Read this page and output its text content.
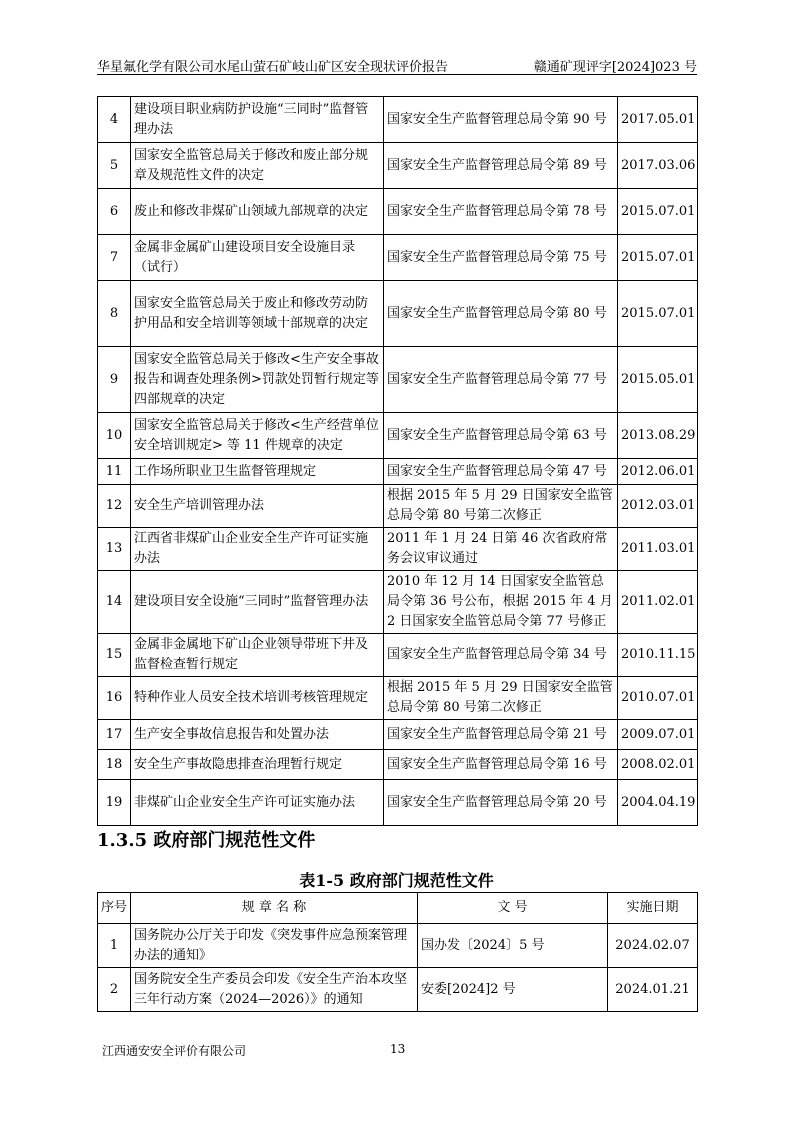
华星氟化学有限公司水尾山萤石矿岐山矿区安全现状评价报告	赣通矿现评字[2024]023 号
4	建设项目职业病防护设施“三同时”监督管理办法	国家安全生产监督管理总局令第 90 号	2017.05.01
5	国家安全监管总局关于修改和废止部分规章及规范性文件的决定	国家安全生产监督管理总局令第 89 号	2017.03.06
6	废止和修改非煤矿山领域九部规章的决定	国家安全生产监督管理总局令第 78 号	2015.07.01
7	金属非金属矿山建设项目安全设施目录（试行）	国家安全生产监督管理总局令第 75 号	2015.07.01
8	国家安全监管总局关于废止和修改劳动防护用品和安全培训等领域十部规章的决定	国家安全生产监督管理总局令第 80 号	2015.07.01
9	国家安全监管总局关于修改<生产安全事故报告和调查处理条例>罚款处罚暂行规定等四部规章的决定	国家安全生产监督管理总局令第 77 号	2015.05.01
10	国家安全监管总局关于修改<生产经营单位安全培训规定> 等 11 件规章的决定	国家安全生产监督管理总局令第 63 号	2013.08.29
11	工作场所职业卫生监督管理规定	国家安全生产监督管理总局令第 47 号	2012.06.01
12	安全生产培训管理办法	根据 2015 年 5 月 29 日国家安全监管总局令第 80 号第二次修正	2012.03.01
13	江西省非煤矿山企业安全生产许可证实施办法	2011 年 1 月 24 日第 46 次省政府常务会议审议通过	2011.03.01
14	建设项目安全设施“三同时”监督管理办法	2010 年 12 月 14 日国家安全监管总局令第 36 号公布，根据 2015 年 4 月 2 日国家安全监管总局令第 77 号修正	2011.02.01
15	金属非金属地下矿山企业领导带班下井及监督检查暂行规定	国家安全生产监督管理总局令第 34 号	2010.11.15
16	特种作业人员安全技术培训考核管理规定	根据 2015 年 5 月 29 日国家安全监管总局令第 80 号第二次修正	2010.07.01
17	生产安全事故信息报告和处置办法	国家安全生产监督管理总局令第 21 号	2009.07.01
18	安全生产事故隐患排查治理暂行规定	国家安全生产监督管理总局令第 16 号	2008.02.01
19	非煤矿山企业安全生产许可证实施办法	国家安全生产监督管理总局令第 20 号	2004.04.19
1.3.5 政府部门规范性文件
表1-5 政府部门规范性文件
序号	规 章 名 称	文 号	实施日期
1	国务院办公厅关于印发《突发事件应急预案管理办法的通知》	国办发〔2024〕5 号	2024.02.07
2	国务院安全生产委员会印发《安全生产治本攻坚三年行动方案（2024—2026）》的通知	安委[2024]2 号	2024.01.21
江西通安安全评价有限公司	13
